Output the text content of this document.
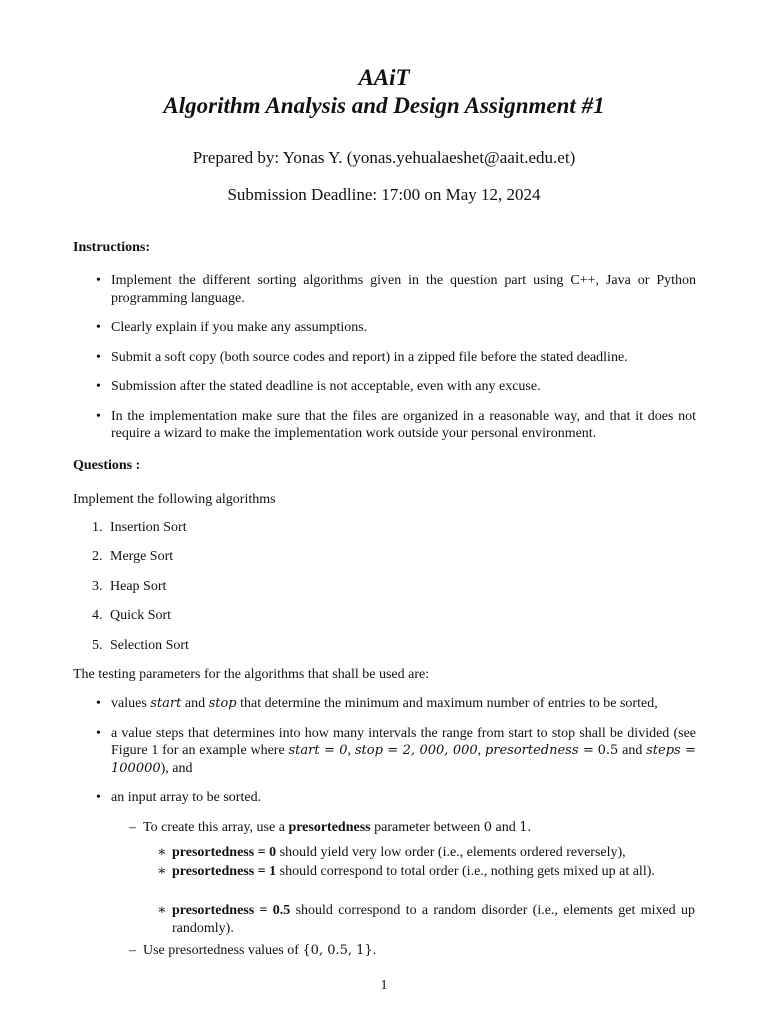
AAiT
Algorithm Analysis and Design Assignment #1
Prepared by: Yonas Y. (yonas.yehualaeshet@aait.edu.et)
Submission Deadline: 17:00 on May 12, 2024
Instructions:
• Implement the different sorting algorithms given in the question part using C++, Java or Python programming language.
• Clearly explain if you make any assumptions.
• Submit a soft copy (both source codes and report) in a zipped file before the stated deadline.
• Submission after the stated deadline is not acceptable, even with any excuse.
• In the implementation make sure that the files are organized in a reasonable way, and that it does not require a wizard to make the implementation work outside your personal environment.
Questions :
Implement the following algorithms
1. Insertion Sort
2. Merge Sort
3. Heap Sort
4. Quick Sort
5. Selection Sort
The testing parameters for the algorithms that shall be used are:
• values start and stop that determine the minimum and maximum number of entries to be sorted,
• a value steps that determines into how many intervals the range from start to stop shall be divided (see Figure 1 for an example where start = 0, stop = 2, 000, 000, presortedness = 0.5 and steps = 100000), and
• an input array to be sorted.
– To create this array, use a presortedness parameter between 0 and 1.
∗ presortedness = 0 should yield very low order (i.e., elements ordered reversely),
∗ presortedness = 1 should correspond to total order (i.e., nothing gets mixed up at all).
∗ presortedness = 0.5 should correspond to a random disorder (i.e., elements get mixed up randomly).
– Use presortedness values of {0, 0.5, 1}.
1
